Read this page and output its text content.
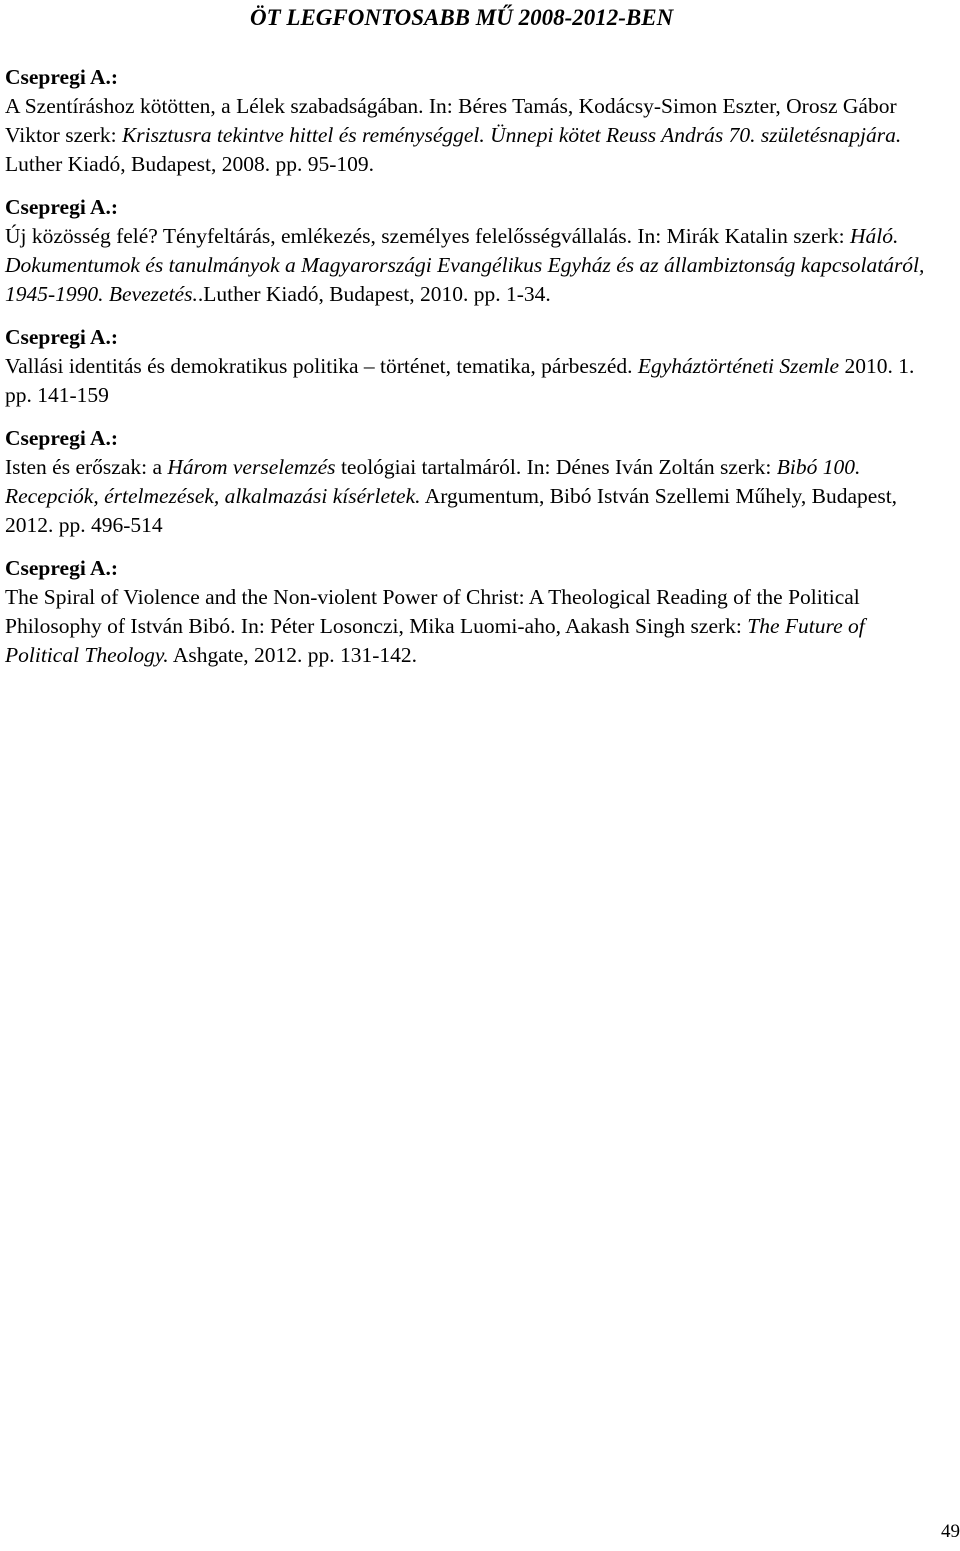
ÖT LEGFONTOSABB MŰ 2008-2012-BEN
Csepregi A.:
A Szentíráshoz kötötten, a Lélek szabadságában. In: Béres Tamás, Kodácsy-Simon Eszter, Orosz Gábor Viktor szerk: Krisztusra tekintve hittel és reménységgel. Ünnepi kötet Reuss András 70. születésnapjára. Luther Kiadó, Budapest, 2008. pp. 95-109.
Csepregi A.:
Új közösség felé? Tényfeltárás, emlékezés, személyes felelősségvállalás. In: Mirák Katalin szerk: Háló. Dokumentumok és tanulmányok a Magyarországi Evangélikus Egyház és az állambiztonság kapcsolatáról, 1945-1990. Bevezetés..Luther Kiadó, Budapest, 2010. pp. 1-34.
Csepregi A.:
Vallási identitás és demokratikus politika – történet, tematika, párbeszéd. Egyháztörténeti Szemle 2010. 1. pp. 141-159
Csepregi A.:
Isten és erőszak: a Három verselemzés teológiai tartalmáról. In: Dénes Iván Zoltán szerk: Bibó 100. Recepciók, értelmezések, alkalmazási kísérletek. Argumentum, Bibó István Szellemi Műhely, Budapest, 2012. pp. 496-514
Csepregi A.:
The Spiral of Violence and the Non-violent Power of Christ: A Theological Reading of the Political Philosophy of István Bibó. In: Péter Losonczi, Mika Luomi-aho, Aakash Singh szerk: The Future of Political Theology. Ashgate, 2012. pp. 131-142.
49
